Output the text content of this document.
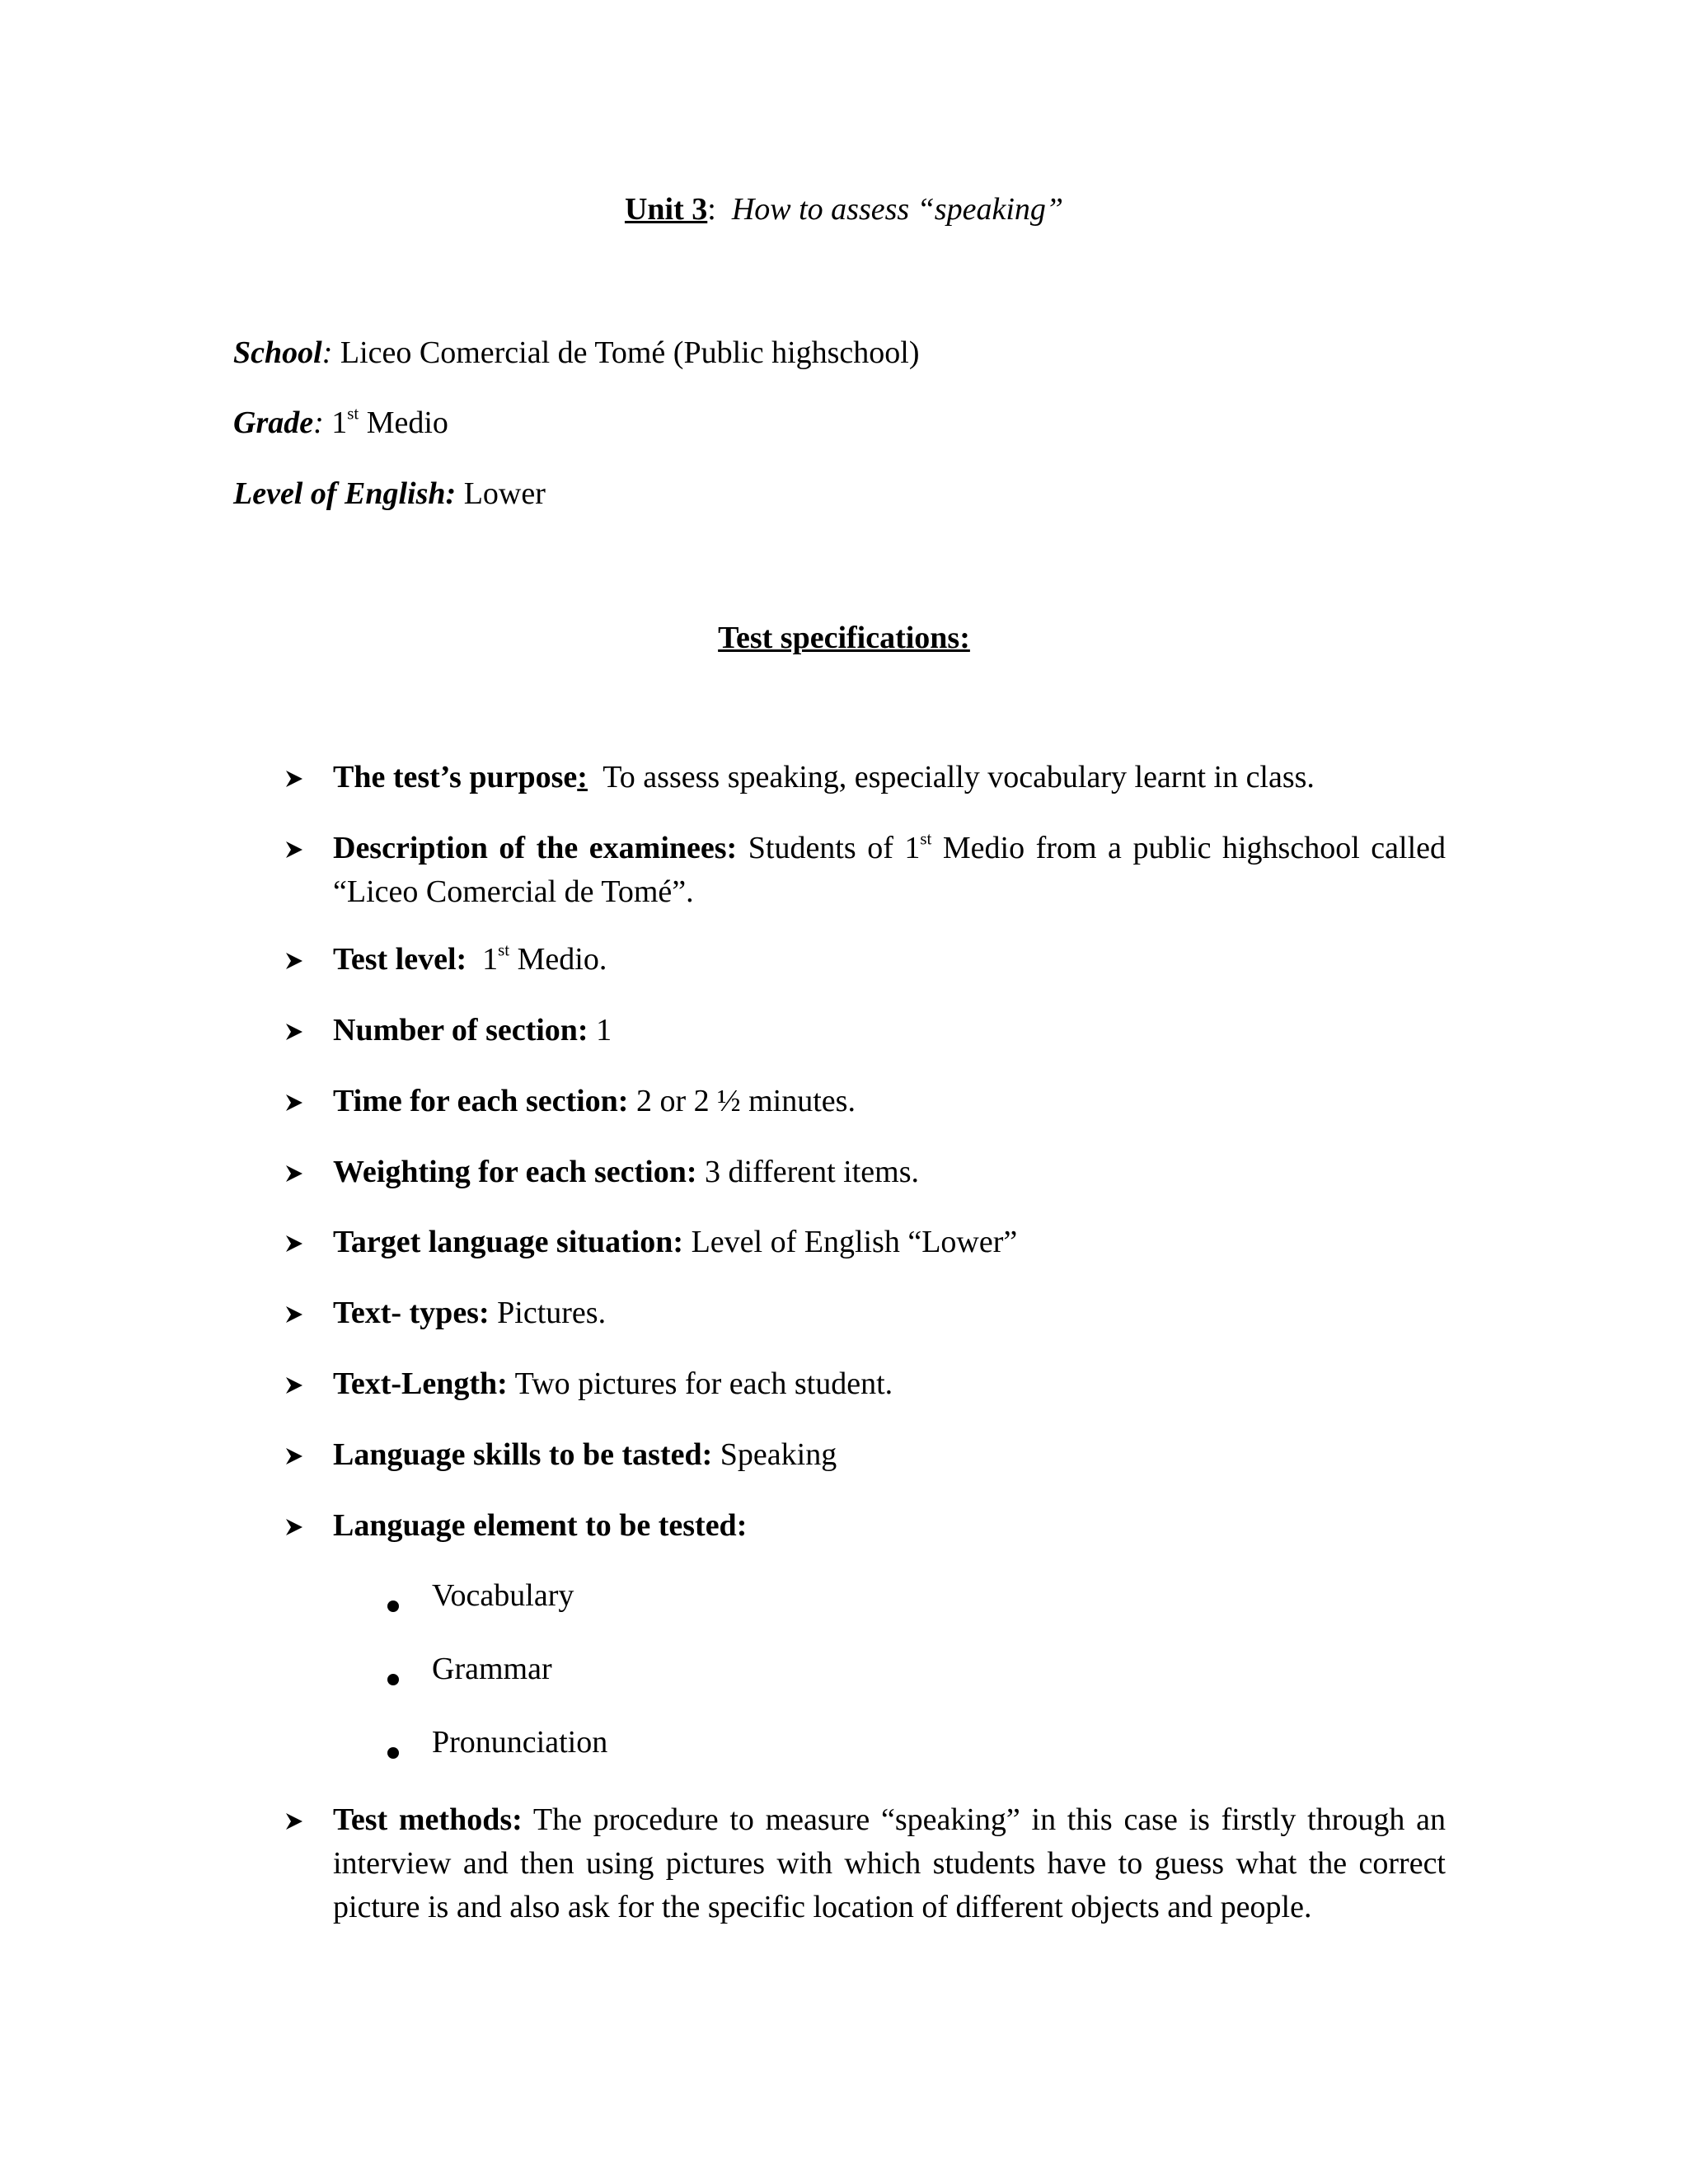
Unit 3: How to assess “speaking”
School: Liceo Comercial de Tomé (Public highschool)
Grade: 1st Medio
Level of English: Lower
Test specifications:
The test’s purpose: To assess speaking, especially vocabulary learnt in class.
Description of the examinees: Students of 1st Medio from a public highschool called “Liceo Comercial de Tomé”.
Test level: 1st Medio.
Number of section: 1
Time for each section: 2 or 2 ½ minutes.
Weighting for each section: 3 different items.
Target language situation: Level of English “Lower”
Text- types: Pictures.
Text-Length: Two pictures for each student.
Language skills to be tasted: Speaking
Language element to be tested:
Vocabulary
Grammar
Pronunciation
Test methods: The procedure to measure “speaking” in this case is firstly through an interview and then using pictures with which students have to guess what the correct picture is and also ask for the specific location of different objects and people.
